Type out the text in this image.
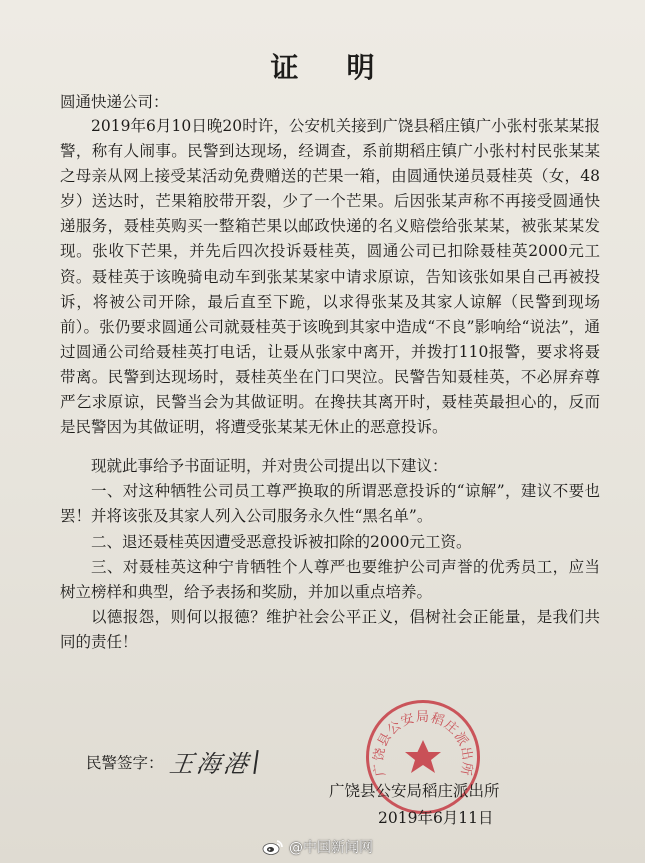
证明
圆通快递公司：

2019年6月10日晚20时许，公安机关接到广饶县稻庄镇广小张村张某某报警，称有人闹事。民警到达现场，经调查，系前期稻庄镇广小张村村民张某某之母亲从网上接受某活动免费赠送的芒果一箱，由圆通快递员聂桂英（女，48岁）送达时，芒果箱胶带开裂，少了一个芒果。后因张某声称不再接受圆通快递服务，聂桂英购买一整箱芒果以邮政快递的名义赔偿给张某某，被张某某发现。张收下芒果，并先后四次投诉聂桂英，圆通公司已扣除聂桂英2000元工资。聂桂英于该晚骑电动车到张某某家中请求原谅，告知该张如果自己再被投诉，将被公司开除，最后直至下跪，以求得张某及其家人谅解（民警到现场前）。张仍要求圆通公司就聂桂英于该晚到其家中造成“不良”影响给“说法”，通过圆通公司给聂桂英打电话，让聂从张家中离开，并拨打110报警，要求将聂带离。民警到达现场时，聂桂英坐在门口哭泣。民警告知聂桂英，不必屏弃尊严乞求原谅，民警当会为其做证明。在搀扶其离开时，聂桂英最担心的，反而是民警因为其做证明，将遭受张某某无休止的恶意投诉。

现就此事给予书面证明，并对贵公司提出以下建议：

一、对这种牺牲公司员工尊严换取的所谓恶意投诉的“谅解”，建议不要也罢！并将该张及其家人列入公司服务永久性“黑名单”。

二、退还聂桂英因遭受恶意投诉被扣除的2000元工资。

三、对聂桂英这种宁肯牺牲个人尊严也要维护公司声誉的优秀员工，应当树立榜样和典型，给予表扬和奖励，并加以重点培养。

以德报怨，则何以报德？维护社会公平正义，倡树社会正能量，是我们共同的责任！

民警签字： 王海港	广饶县公安局稻庄派出所
广饶县公安局稻庄派出所
2019年6月11日
@中国新闻网
